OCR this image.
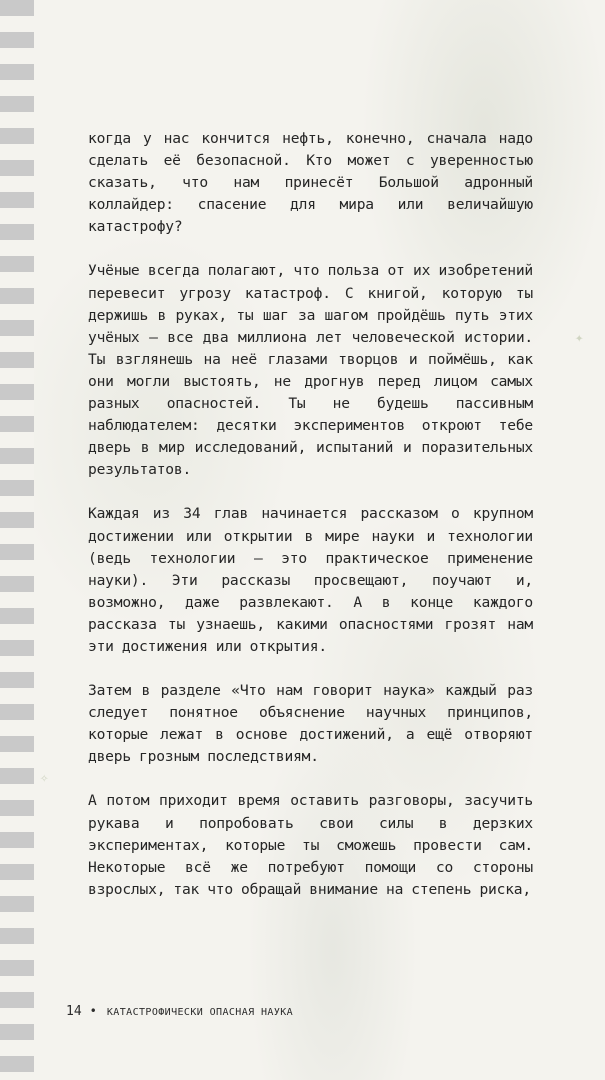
✦
✧

когда у нас кончится нефть, конечно, сначала надо сделать её безопасной. Кто может с уверенностью сказать, что нам принесёт Большой адронный коллайдер: спасение для мира или величайшую катастрофу?

Учёные всегда полагают, что польза от их изобретений перевесит угрозу катастроф. С книгой, которую ты держишь в руках, ты шаг за шагом пройдёшь путь этих учёных — все два миллиона лет человеческой истории. Ты взглянешь на неё глазами творцов и поймёшь, как они могли выстоять, не дрогнув перед лицом самых разных опасностей. Ты не будешь пассивным наблюдателем: десятки экспериментов откроют тебе дверь в мир исследований, испытаний и поразительных результатов.

Каждая из 34 глав начинается рассказом о крупном достижении или открытии в мире науки и технологии (ведь технологии — это практическое применение науки). Эти рассказы просвещают, поучают и, возможно, даже развлекают. А в конце каждого рассказа ты узнаешь, какими опасностями грозят нам эти достижения или открытия.

Затем в разделе «Что нам говорит наука» каждый раз следует понятное объяснение научных принципов, которые лежат в основе достижений, а ещё отворяют дверь грозным последствиям.

А потом приходит время оставить разговоры, засучить рукава и попробовать свои силы в дерзких экспериментах, которые ты сможешь провести сам. Некоторые всё же потребуют помощи со стороны взрослых, так что обращай внимание на степень риска,

14 • КАТАСТРОФИЧЕСКИ ОПАСНАЯ НАУКА
